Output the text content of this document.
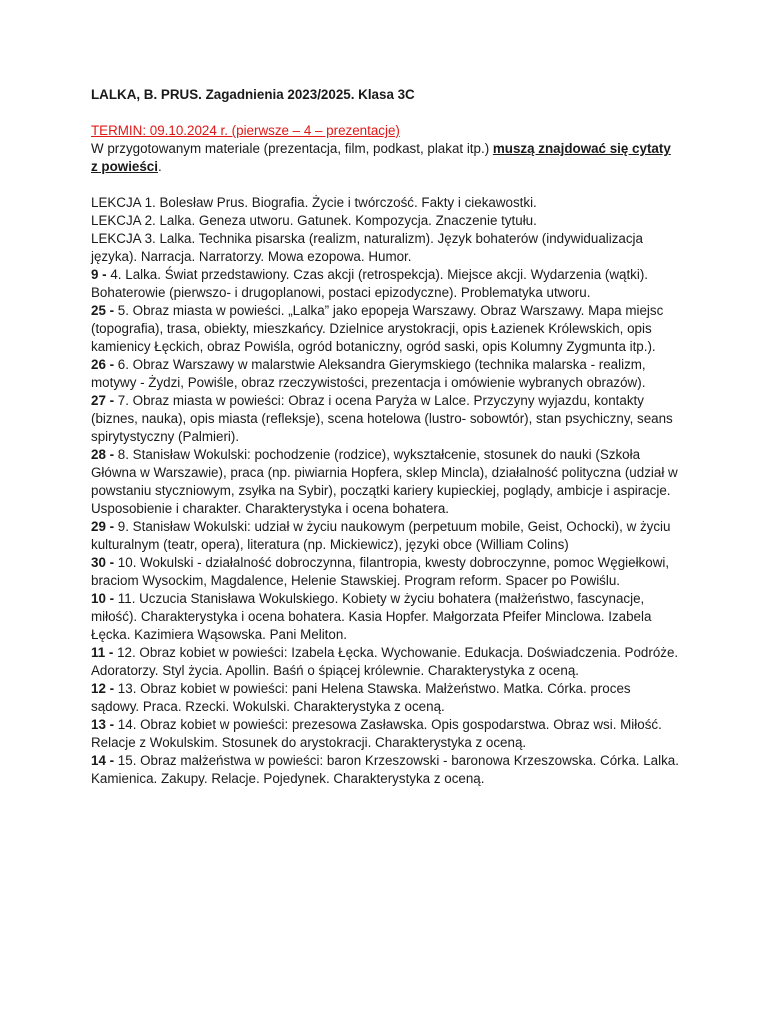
LALKA, B. PRUS. Zagadnienia 2023/2025. Klasa 3C

TERMIN: 09.10.2024 r. (pierwsze – 4 – prezentacje)

W przygotowanym materiale (prezentacja, film, podkast, plakat itp.) muszą znajdować się cytaty z powieści.

LEKCJA 1. Bolesław Prus. Biografia. Życie i twórczość. Fakty i ciekawostki.

LEKCJA 2. Lalka. Geneza utworu. Gatunek. Kompozycja. Znaczenie tytułu.

LEKCJA 3. Lalka. Technika pisarska (realizm, naturalizm). Język bohaterów (indywidualizacja języka). Narracja. Narratorzy. Mowa ezopowa. Humor.

9 - 4. Lalka. Świat przedstawiony. Czas akcji (retrospekcja). Miejsce akcji. Wydarzenia (wątki). Bohaterowie (pierwszo- i drugoplanowi, postaci epizodyczne). Problematyka utworu.

25 - 5. Obraz miasta w powieści. „Lalka” jako epopeja Warszawy. Obraz Warszawy. Mapa miejsc (topografia), trasa, obiekty, mieszkańcy. Dzielnice arystokracji, opis Łazienek Królewskich, opis kamienicy Łęckich, obraz Powiśla, ogród botaniczny, ogród saski, opis Kolumny Zygmunta itp.).

26 - 6. Obraz Warszawy w malarstwie Aleksandra Gierymskiego (technika malarska - realizm, motywy - Żydzi, Powiśle, obraz rzeczywistości, prezentacja i omówienie wybranych obrazów).

27 - 7. Obraz miasta w powieści: Obraz i ocena Paryża w Lalce. Przyczyny wyjazdu, kontakty (biznes, nauka), opis miasta (refleksje), scena hotelowa (lustro- sobowtór), stan psychiczny, seans spirytystyczny (Palmieri).

28 - 8. Stanisław Wokulski: pochodzenie (rodzice), wykształcenie, stosunek do nauki (Szkoła Główna w Warszawie), praca (np. piwiarnia Hopfera, sklep Mincla), działalność polityczna (udział w powstaniu styczniowym, zsyłka na Sybir), początki kariery kupieckiej, poglądy, ambicje i aspiracje. Usposobienie i charakter. Charakterystyka i ocena bohatera.

29 - 9. Stanisław Wokulski: udział w życiu naukowym (perpetuum mobile, Geist, Ochocki), w życiu kulturalnym (teatr, opera), literatura (np. Mickiewicz), języki obce (William Colins)

30 - 10. Wokulski - działalność dobroczynna, filantropia, kwesty dobroczynne, pomoc Węgiełkowi, braciom Wysockim, Magdalence, Helenie Stawskiej. Program reform. Spacer po Powiślu.

10 - 11. Uczucia Stanisława Wokulskiego. Kobiety w życiu bohatera (małżeństwo, fascynacje, miłość). Charakterystyka i ocena bohatera. Kasia Hopfer. Małgorzata Pfeifer Minclowa. Izabela Łęcka. Kazimiera Wąsowska. Pani Meliton.

11 - 12. Obraz kobiet w powieści: Izabela Łęcka. Wychowanie. Edukacja. Doświadczenia. Podróże. Adoratorzy. Styl życia. Apollin. Baśń o śpiącej królewnie. Charakterystyka z oceną.

12 - 13. Obraz kobiet w powieści: pani Helena Stawska. Małżeństwo. Matka. Córka. proces sądowy. Praca. Rzecki. Wokulski. Charakterystyka z oceną.

13 - 14. Obraz kobiet w powieści: prezesowa Zasławska. Opis gospodarstwa. Obraz wsi. Miłość. Relacje z Wokulskim. Stosunek do arystokracji. Charakterystyka z oceną.

14 - 15. Obraz małżeństwa w powieści: baron Krzeszowski - baronowa Krzeszowska. Córka. Lalka. Kamienica. Zakupy. Relacje. Pojedynek. Charakterystyka z oceną.
